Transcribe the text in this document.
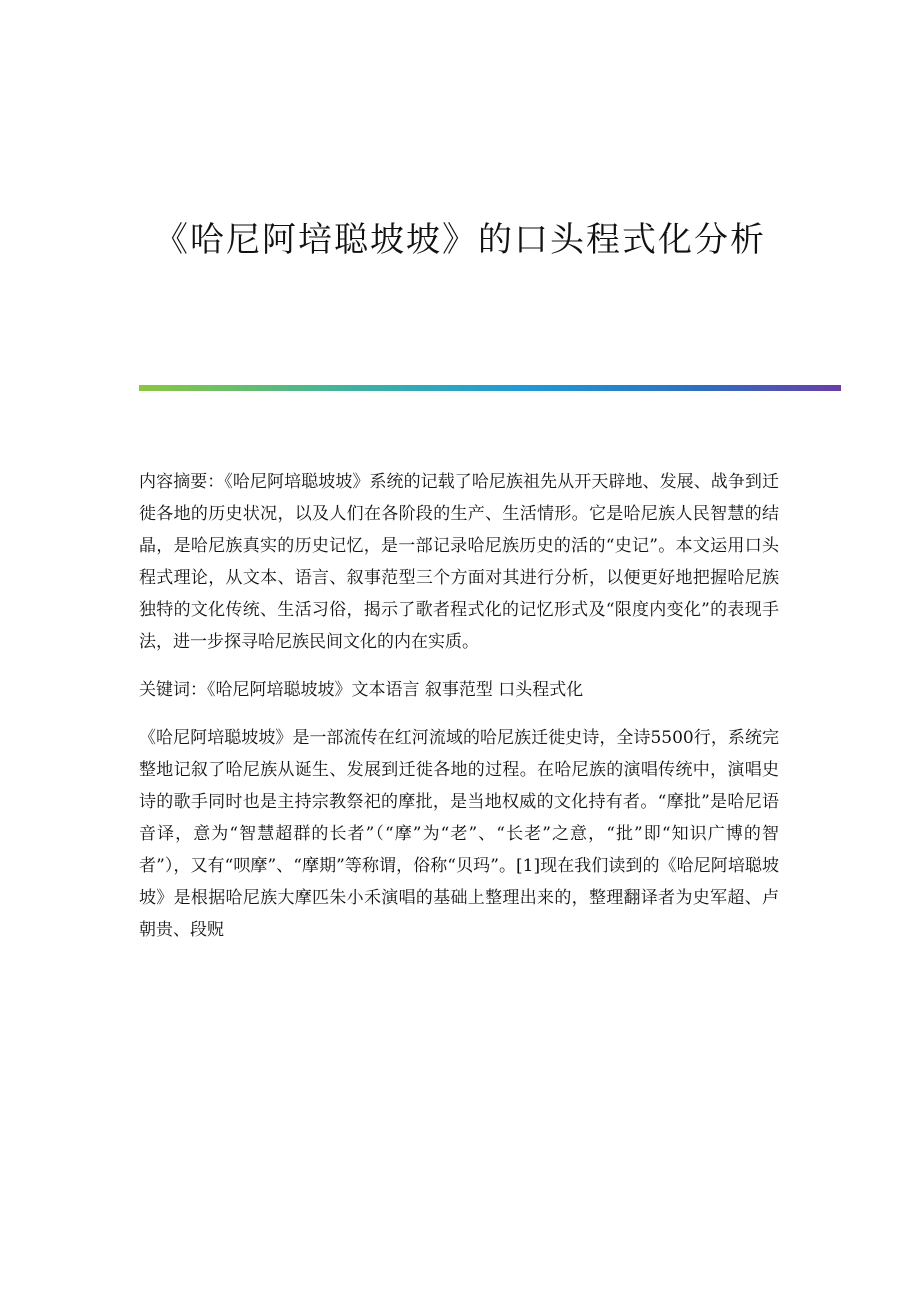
《哈尼阿培聪坡坡》的口头程式化分析

内容摘要：《哈尼阿培聪坡坡》系统的记载了哈尼族祖先从开天辟地、发展、战争到迁徙各地的历史状况，以及人们在各阶段的生产、生活情形。它是哈尼族人民智慧的结晶，是哈尼族真实的历史记忆，是一部记录哈尼族历史的活的“史记”。本文运用口头程式理论，从文本、语言、叙事范型三个方面对其进行分析，以便更好地把握哈尼族独特的文化传统、生活习俗，揭示了歌者程式化的记忆形式及“限度内变化”的表现手法，进一步探寻哈尼族民间文化的内在实质。

关键词：《哈尼阿培聪坡坡》文本语言 叙事范型 口头程式化

《哈尼阿培聪坡坡》是一部流传在红河流域的哈尼族迁徙史诗，全诗5500行，系统完整地记叙了哈尼族从诞生、发展到迁徙各地的过程。在哈尼族的演唱传统中，演唱史诗的歌手同时也是主持宗教祭祀的摩批，是当地权威的文化持有者。“摩批”是哈尼语音译，意为“智慧超群的长者”（“摩”为“老”、“长老”之意，“批”即“知识广博的智者”），又有“呗摩”、“摩期”等称谓，俗称“贝玛”。[1]现在我们读到的《哈尼阿培聪坡坡》是根据哈尼族大摩匹朱小禾演唱的基础上整理出来的，整理翻译者为史军超、卢朝贵、段贶
